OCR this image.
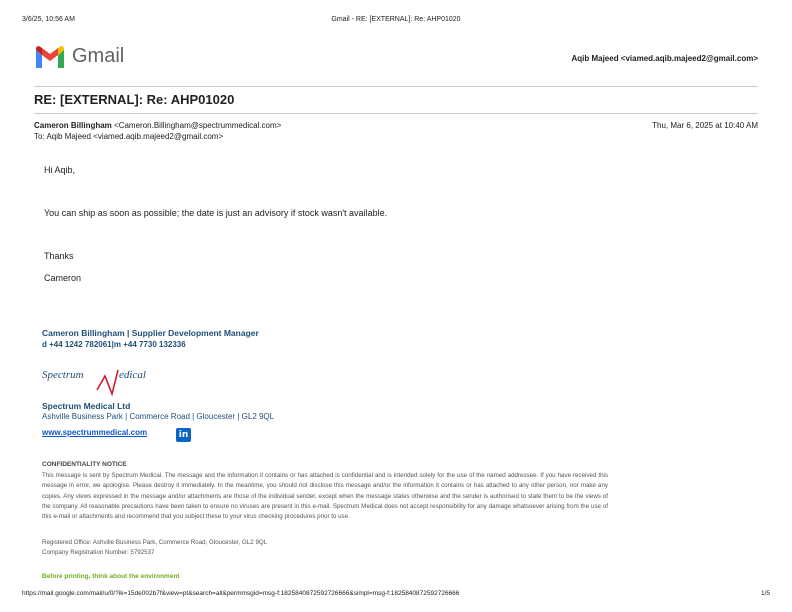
3/6/25, 10:56 AM	Gmail - RE: [EXTERNAL]: Re: AHP01020
Gmail	Aqib Majeed <viamed.aqib.majeed2@gmail.com>
RE: [EXTERNAL]: Re: AHP01020
Cameron Billingham <Cameron.Billingham@spectrummedical.com>	Thu, Mar 6, 2025 at 10:40 AM
To: Aqib Majeed <viamed.aqib.majeed2@gmail.com>
Hi Aqib,
You can ship as soon as possible; the date is just an advisory if stock wasn't available.
Thanks
Cameron
Cameron Billingham | Supplier Development Manager
d +44 1242 782061|m +44 7730 132336
Spectrum	edical
Spectrum Medical Ltd
Ashville Business Park | Commerce Road | Gloucester | GL2 9QL
www.spectrummedical.com	in
CONFIDENTIALITY NOTICE
This message is sent by Spectrum Medical. The message and the information it contains or has attached is confidential and is intended solely for the use of the named addressee. If you have received this message in error, we apologise. Please destroy it immediately. In the meantime, you should not disclose this message and/or the information it contains or has attached to any other person, nor make any copies. Any views expressed in the message and/or attachments are those of the individual sender, except when the message states otherwise and the sender is authorised to state them to be the views of the company. All reasonable precautions have been taken to ensure no viruses are present in this e-mail. Spectrum Medical does not accept responsibility for any damage whatsoever arising from the use of this e-mail or attachments and recommend that you subject these to your virus checking procedures prior to use.
Registered Office: Ashville Business Park, Commerce Road, Gloucester, GL2 9QL
Company Registration Number: 5792537
Before printing, think about the environment
https://mail.google.com/mail/u/0/?ik=15de002b7f&view=pt&search=all&permmsgid=msg-f:1825840872592726666&simpl=msg-f:1825840872592726666	1/5
